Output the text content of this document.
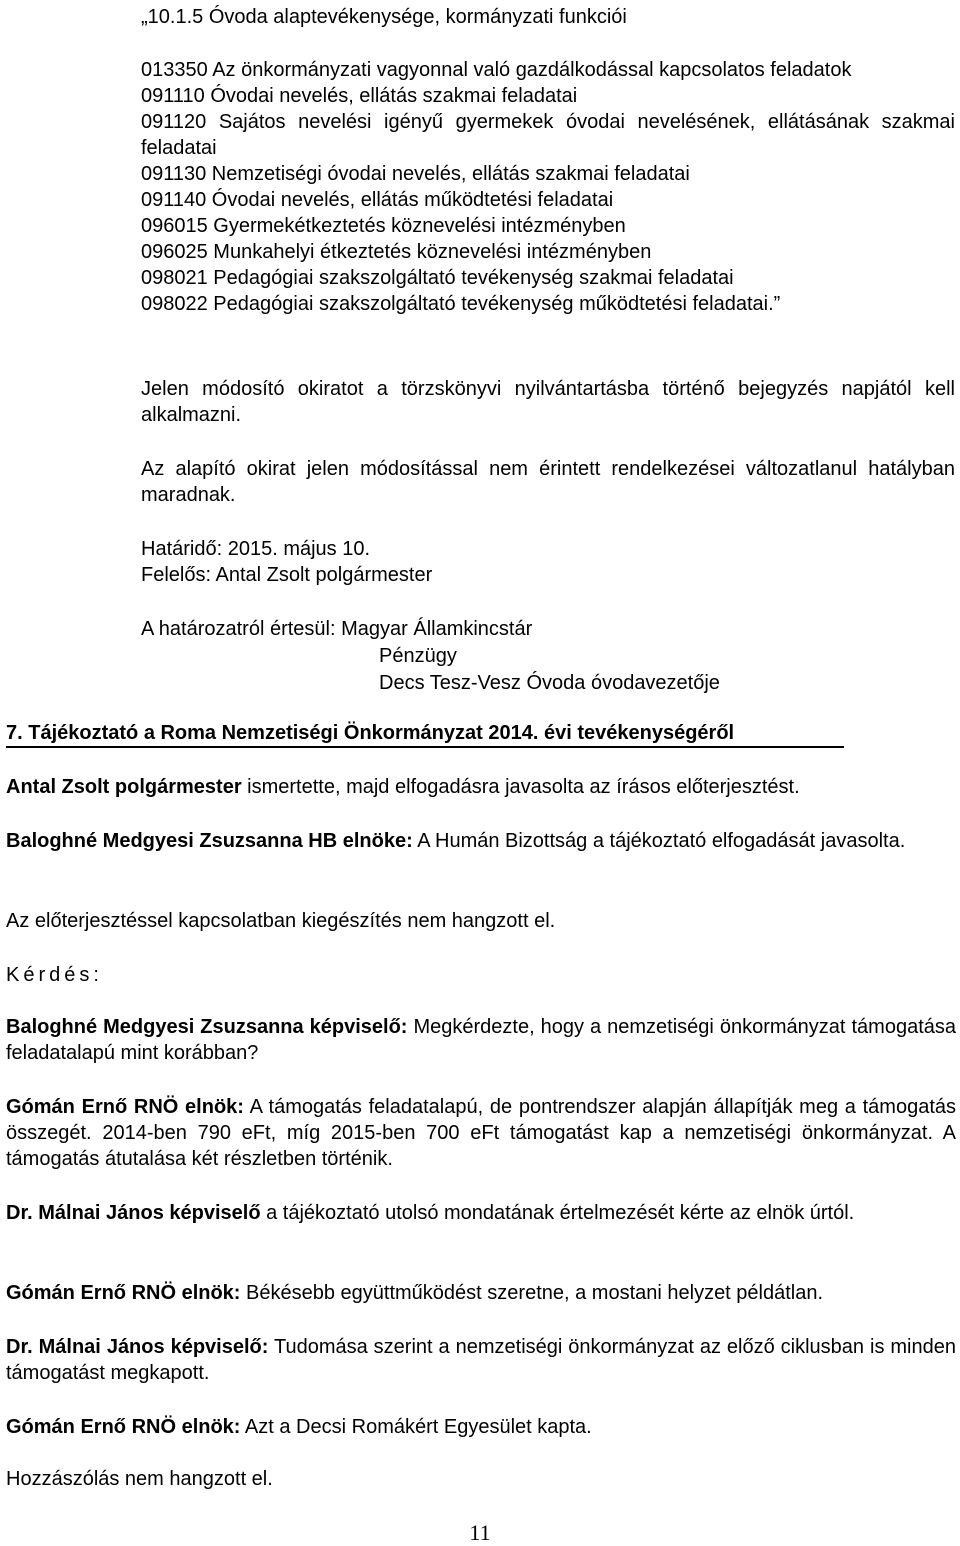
„10.1.5 Óvoda alaptevékenysége, kormányzati funkciói

013350 Az önkormányzati vagyonnal való gazdálkodással kapcsolatos feladatok
091110 Óvodai nevelés, ellátás szakmai feladatai
091120 Sajátos nevelési igényű gyermekek óvodai nevelésének, ellátásának szakmai feladatai
091130 Nemzetiségi óvodai nevelés, ellátás szakmai feladatai
091140 Óvodai nevelés, ellátás működtetési feladatai
096015 Gyermekétkeztetés köznevelési intézményben
096025 Munkahelyi étkeztetés köznevelési intézményben
098021 Pedagógiai szakszolgáltató tevékenység szakmai feladatai
098022 Pedagógiai szakszolgáltató tevékenység működtetési feladatai.”

Jelen módosító okiratot a törzskönyvi nyilvántartásba történő bejegyzés napjától kell alkalmazni.

Az alapító okirat jelen módosítással nem érintett rendelkezései változatlanul hatályban maradnak.

Határidő: 2015. május 10.

Felelős: Antal Zsolt polgármester

A határozatról értesül: Magyar Államkincstár

Pénzügy

Decs Tesz-Vesz Óvoda óvodavezetője

7. Tájékoztató a Roma Nemzetiségi Önkormányzat 2014. évi tevékenységéről

Antal Zsolt polgármester ismertette, majd elfogadásra javasolta az írásos előterjesztést.

Baloghné Medgyesi Zsuzsanna HB elnöke: A Humán Bizottság a tájékoztató elfogadását javasolta.

Az előterjesztéssel kapcsolatban kiegészítés nem hangzott el.

Kérdés:

Baloghné Medgyesi Zsuzsanna képviselő: Megkérdezte, hogy a nemzetiségi önkormányzat támogatása feladatalapú mint korábban?

Gómán Ernő RNÖ elnök: A támogatás feladatalapú, de pontrendszer alapján állapítják meg a támogatás összegét. 2014-ben 790 eFt, míg 2015-ben 700 eFt támogatást kap a nemzetiségi önkormányzat. A támogatás átutalása két részletben történik.

Dr. Málnai János képviselő a tájékoztató utolsó mondatának értelmezését kérte az elnök úrtól.

Gómán Ernő RNÖ elnök: Békésebb együttműködést szeretne, a mostani helyzet példátlan.

Dr. Málnai János képviselő: Tudomása szerint a nemzetiségi önkormányzat az előző ciklusban is minden támogatást megkapott.

Gómán Ernő RNÖ elnök: Azt a Decsi Romákért Egyesület kapta.

Hozzászólás nem hangzott el.

11
